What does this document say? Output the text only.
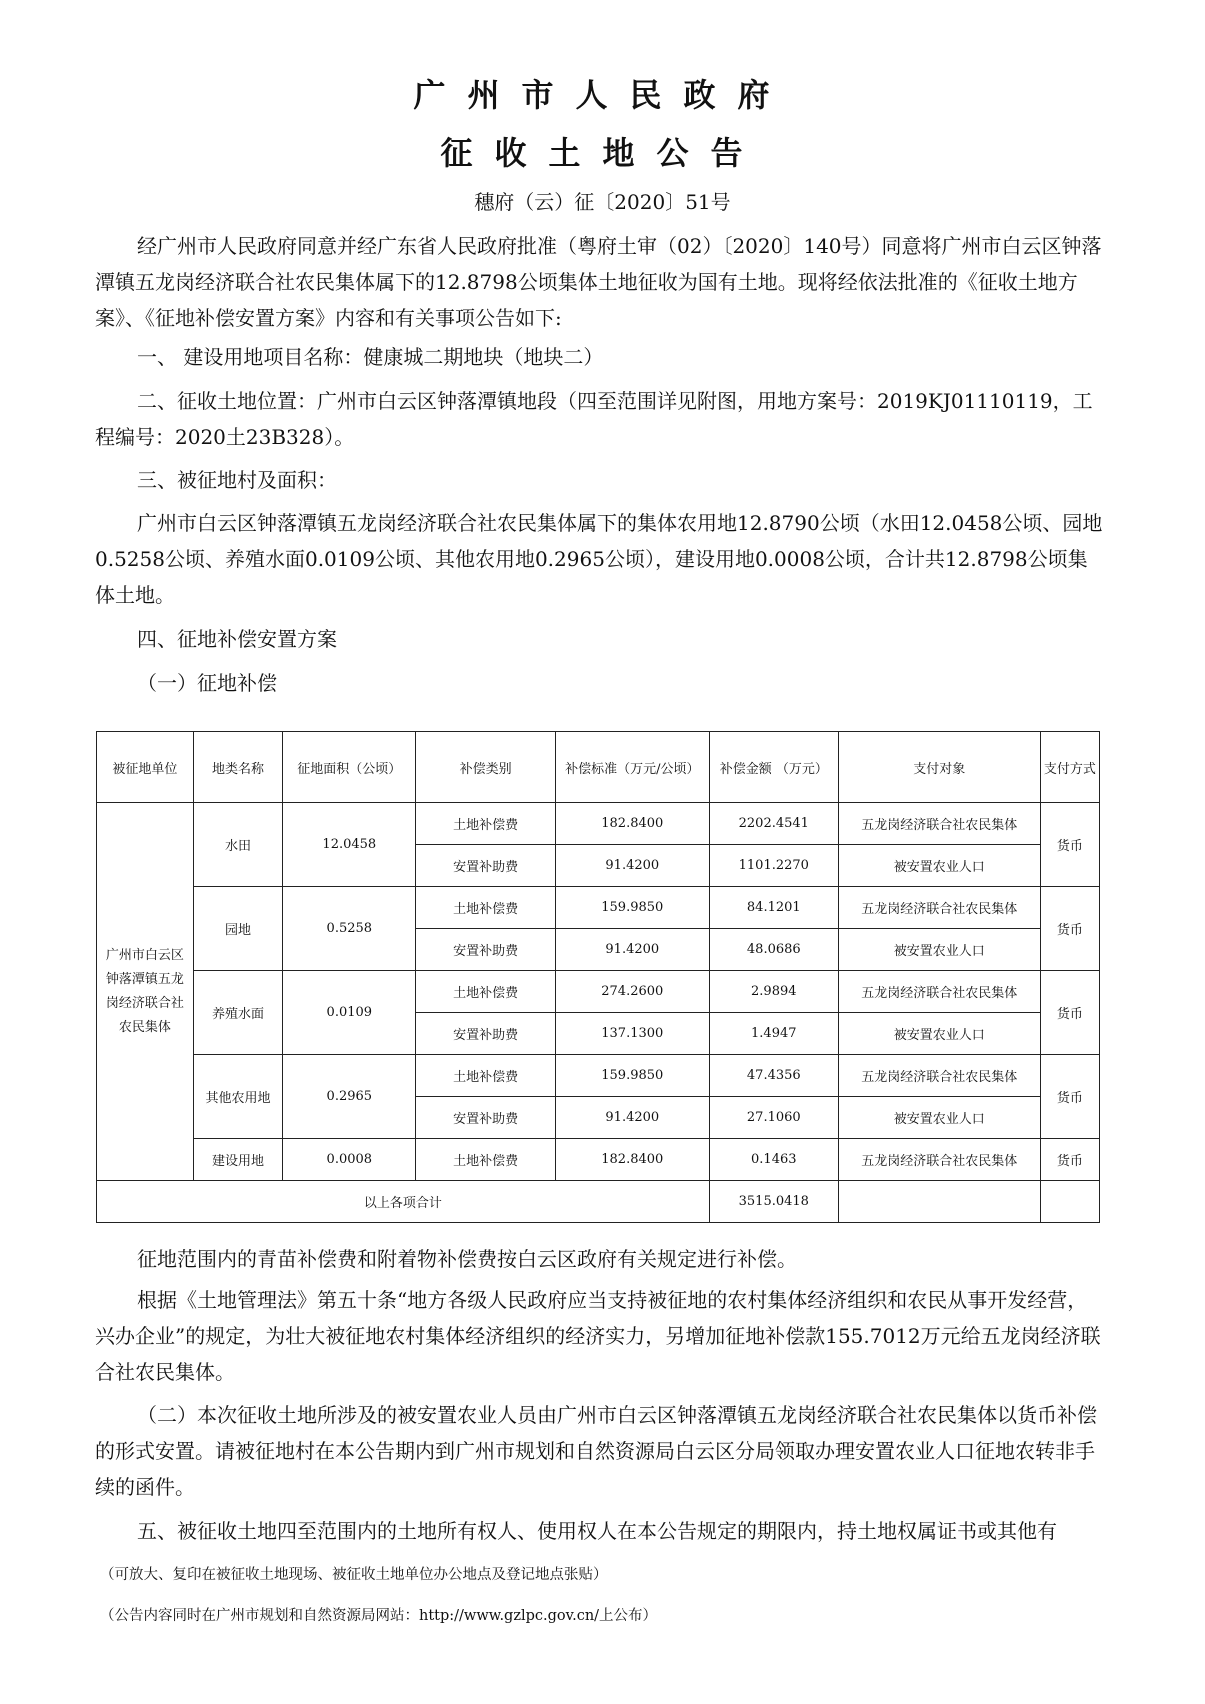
广州市人民政府
征收土地公告
穗府（云）征〔2020〕51号

经广州市人民政府同意并经广东省人民政府批准（粤府土审（02）〔2020〕140号）同意将广州市白云区钟落潭镇五龙岗经济联合社农民集体属下的12.8798公顷集体土地征收为国有土地。现将经依法批准的《征收土地方案》、《征地补偿安置方案》内容和有关事项公告如下:

一、 建设用地项目名称：健康城二期地块（地块二）

二、征收土地位置：广州市白云区钟落潭镇地段（四至范围详见附图，用地方案号：2019KJ01110119，工程编号：2020土23B328）。

三、被征地村及面积：

广州市白云区钟落潭镇五龙岗经济联合社农民集体属下的集体农用地12.8790公顷（水田12.0458公顷、园地0.5258公顷、养殖水面0.0109公顷、其他农用地0.2965公顷），建设用地0.0008公顷，合计共12.8798公顷集体土地。

四、征地补偿安置方案

（一）征地补偿

被征地单位	地类名称	征地面积（公顷）	补偿类别	补偿标准（万元/公顷）	补偿金额 （万元）	支付对象	支付方式
广州市白云区钟落潭镇五龙岗经济联合社农民集体	水田	12.0458	土地补偿费	182.8400	2202.4541	五龙岗经济联合社农民集体	货币
			安置补助费	91.4200	1101.2270	被安置农业人口	
	园地	0.5258	土地补偿费	159.9850	84.1201	五龙岗经济联合社农民集体	货币
			安置补助费	91.4200	48.0686	被安置农业人口	
	养殖水面	0.0109	土地补偿费	274.2600	2.9894	五龙岗经济联合社农民集体	货币
			安置补助费	137.1300	1.4947	被安置农业人口	
	其他农用地	0.2965	土地补偿费	159.9850	47.4356	五龙岗经济联合社农民集体	货币
			安置补助费	91.4200	27.1060	被安置农业人口	
	建设用地	0.0008	土地补偿费	182.8400	0.1463	五龙岗经济联合社农民集体	货币
以上各项合计					3515.0418		

征地范围内的青苗补偿费和附着物补偿费按白云区政府有关规定进行补偿。

根据《土地管理法》第五十条“地方各级人民政府应当支持被征地的农村集体经济组织和农民从事开发经营，兴办企业”的规定，为壮大被征地农村集体经济组织的经济实力，另增加征地补偿款155.7012万元给五龙岗经济联合社农民集体。

（二）本次征收土地所涉及的被安置农业人员由广州市白云区钟落潭镇五龙岗经济联合社农民集体以货币补偿的形式安置。请被征地村在本公告期内到广州市规划和自然资源局白云区分局领取办理安置农业人口征地农转非手续的函件。

五、被征收土地四至范围内的土地所有权人、使用权人在本公告规定的期限内，持土地权属证书或其他有

（可放大、复印在被征收土地现场、被征收土地单位办公地点及登记地点张贴）
（公告内容同时在广州市规划和自然资源局网站：http://www.gzlpc.gov.cn/上公布）
